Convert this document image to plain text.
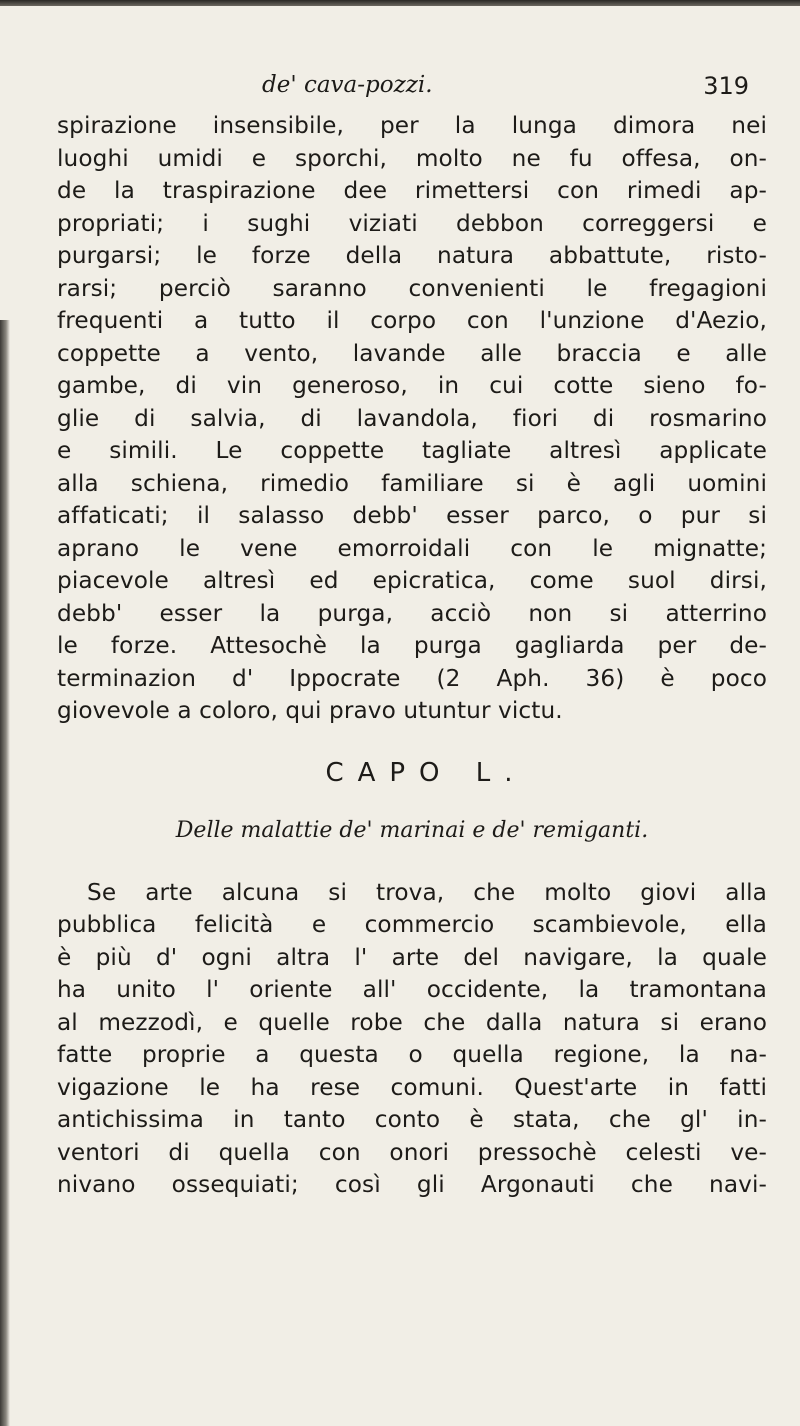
de' cava-pozzi.	319
spirazione insensibile, per la lunga dimora nei
luoghi umidi e sporchi, molto ne fu offesa, on-
de la traspirazione dee rimettersi con rimedi ap-
propriati; i sughi viziati debbon correggersi e
purgarsi; le forze della natura abbattute, risto-
rarsi; perciò saranno convenienti le fregagioni
frequenti a tutto il corpo con l'unzione d'Aezio,
coppette a vento, lavande alle braccia e alle
gambe, di vin generoso, in cui cotte sieno fo-
glie di salvia, di lavandola, fiori di rosmarino
e simili. Le coppette tagliate altresì applicate
alla schiena, rimedio familiare si è agli uomini
affaticati; il salasso debb' esser parco, o pur si
aprano le vene emorroidali con le mignatte;
piacevole altresì ed epicratica, come suol dirsi,
debb' esser la purga, acciò non si atterrino
le forze. Attesochè la purga gagliarda per de-
terminazion d' Ippocrate (2 Aph. 36) è poco
giovevole a coloro, qui pravo utuntur victu.
CAPO L.
Delle malattie de' marinai e de' remiganti.
Se arte alcuna si trova, che molto giovi alla
pubblica felicità e commercio scambievole, ella
è più d' ogni altra l' arte del navigare, la quale
ha unito l' oriente all' occidente, la tramontana
al mezzodì, e quelle robe che dalla natura si erano
fatte proprie a questa o quella regione, la na-
vigazione le ha rese comuni. Quest'arte in fatti
antichissima in tanto conto è stata, che gl' in-
ventori di quella con onori pressochè celesti ve-
nivano ossequiati; così gli Argonauti che navi-
